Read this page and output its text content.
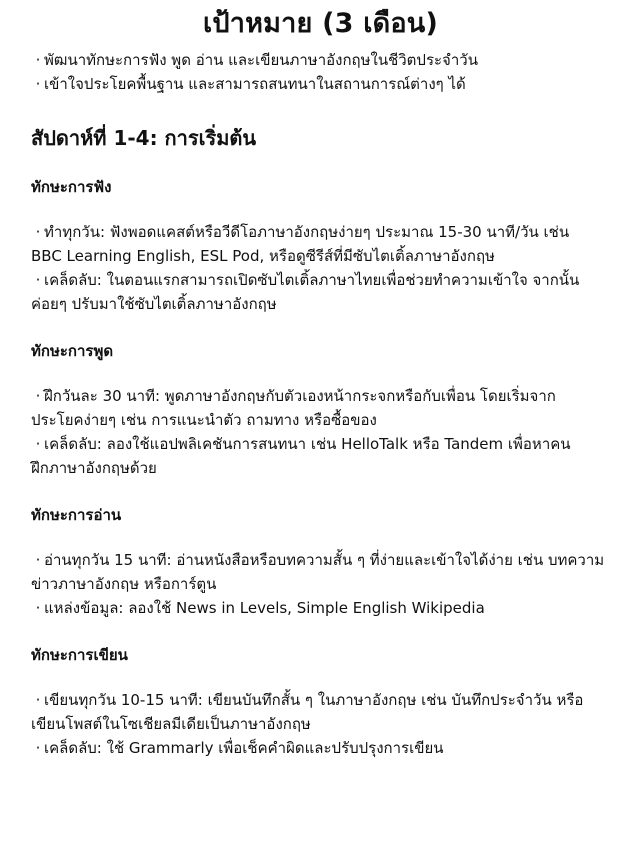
เป้าหมาย (3 เดือน)
· พัฒนาทักษะการฟัง พูด อ่าน และเขียนภาษาอังกฤษในชีวิตประจำวัน
· เข้าใจประโยคพื้นฐาน และสามารถสนทนาในสถานการณ์ต่างๆ ได้
สัปดาห์ที่ 1-4: การเริ่มต้น
ทักษะการฟัง
· ทำทุกวัน: ฟังพอดแคสต์หรือวีดีโอภาษาอังกฤษง่ายๆ ประมาณ 15-30 นาที/วัน เช่น
BBC Learning English, ESL Pod, หรือดูซีรีส์ที่มีซับไตเติ้ลภาษาอังกฤษ
· เคล็ดลับ: ในตอนแรกสามารถเปิดซับไตเติ้ลภาษาไทยเพื่อช่วยทำความเข้าใจ จากนั้น
ค่อยๆ ปรับมาใช้ซับไตเติ้ลภาษาอังกฤษ
ทักษะการพูด
· ฝึกวันละ 30 นาที: พูดภาษาอังกฤษกับตัวเองหน้ากระจกหรือกับเพื่อน โดยเริ่มจาก
ประโยคง่ายๆ เช่น การแนะนำตัว ถามทาง หรือซื้อของ
· เคล็ดลับ: ลองใช้แอปพลิเคชันการสนทนา เช่น HelloTalk หรือ Tandem เพื่อหาคน
ฝึกภาษาอังกฤษด้วย
ทักษะการอ่าน
· อ่านทุกวัน 15 นาที: อ่านหนังสือหรือบทความสั้น ๆ ที่ง่ายและเข้าใจได้ง่าย เช่น บทความ
ข่าวภาษาอังกฤษ หรือการ์ตูน
· แหล่งข้อมูล: ลองใช้ News in Levels, Simple English Wikipedia
ทักษะการเขียน
· เขียนทุกวัน 10-15 นาที: เขียนบันทึกสั้น ๆ ในภาษาอังกฤษ เช่น บันทึกประจำวัน หรือ
เขียนโพสต์ในโซเชียลมีเดียเป็นภาษาอังกฤษ
· เคล็ดลับ: ใช้ Grammarly เพื่อเช็คคำผิดและปรับปรุงการเขียน
